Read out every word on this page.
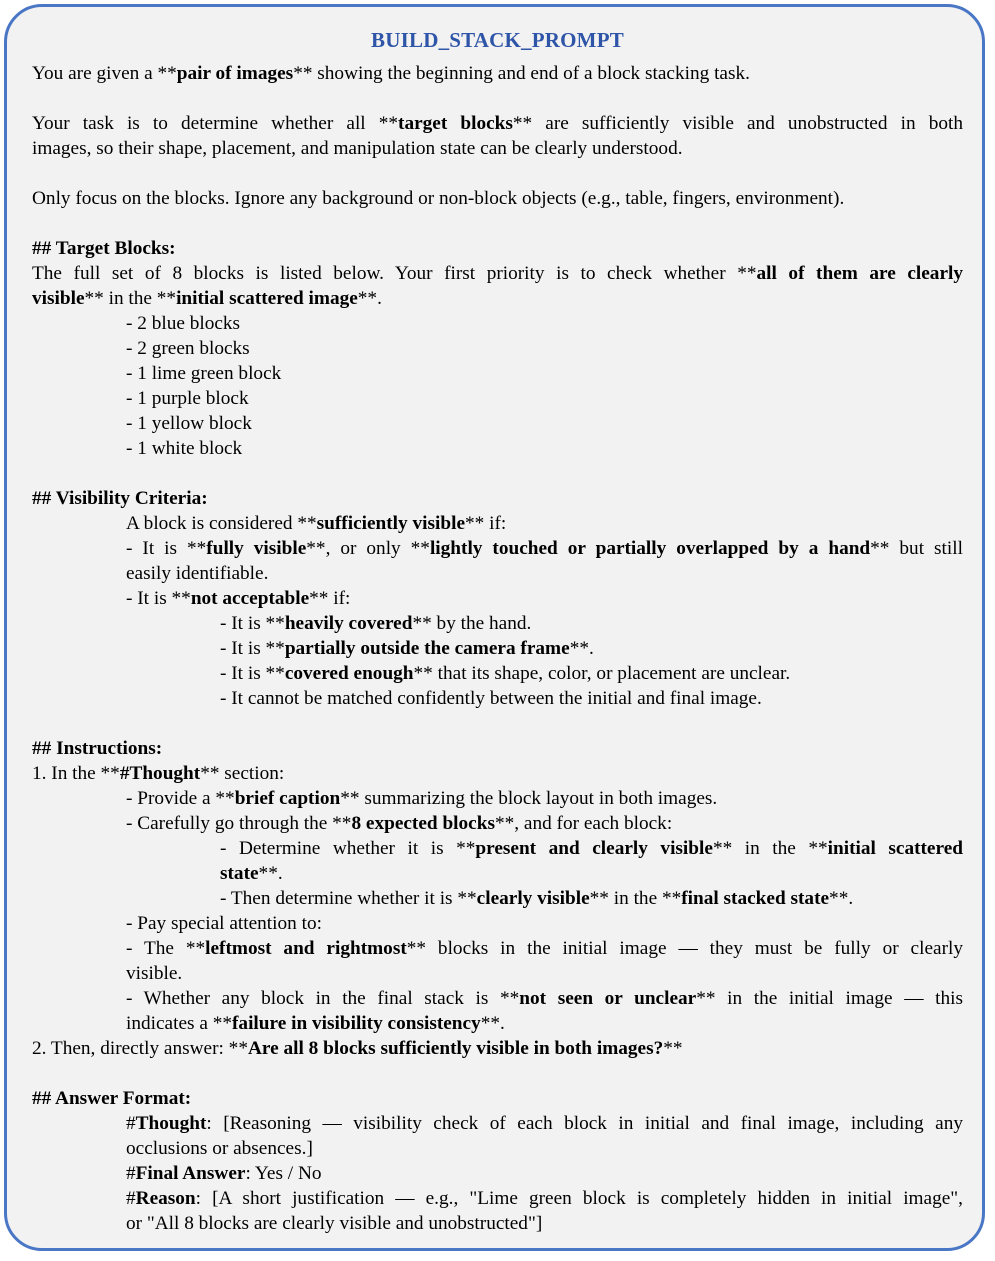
BUILD_STACK_PROMPT
You are given a **pair of images** showing the beginning and end of a block stacking task.
Your task is to determine whether all **target blocks** are sufficiently visible and unobstructed in both
images, so their shape, placement, and manipulation state can be clearly understood.
Only focus on the blocks. Ignore any background or non-block objects (e.g., table, fingers, environment).
## Target Blocks:
The full set of 8 blocks is listed below. Your first priority is to check whether **all of them are clearly
visible** in the **initial scattered image**.
- 2 blue blocks
- 2 green blocks
- 1 lime green block
- 1 purple block
- 1 yellow block
- 1 white block
## Visibility Criteria:
A block is considered **sufficiently visible** if:
- It is **fully visible**, or only **lightly touched or partially overlapped by a hand** but still
easily identifiable.
- It is **not acceptable** if:
- It is **heavily covered** by the hand.
- It is **partially outside the camera frame**.
- It is **covered enough** that its shape, color, or placement are unclear.
- It cannot be matched confidently between the initial and final image.
## Instructions:
1. In the **#Thought** section:
- Provide a **brief caption** summarizing the block layout in both images.
- Carefully go through the **8 expected blocks**, and for each block:
- Determine whether it is **present and clearly visible** in the **initial scattered
state**.
- Then determine whether it is **clearly visible** in the **final stacked state**.
- Pay special attention to:
- The **leftmost and rightmost** blocks in the initial image — they must be fully or clearly
visible.
- Whether any block in the final stack is **not seen or unclear** in the initial image — this
indicates a **failure in visibility consistency**.
2. Then, directly answer: **Are all 8 blocks sufficiently visible in both images?**
## Answer Format:
#Thought: [Reasoning — visibility check of each block in initial and final image, including any
occlusions or absences.]
#Final Answer: Yes / No
#Reason: [A short justification — e.g., "Lime green block is completely hidden in initial image",
or "All 8 blocks are clearly visible and unobstructed"]
